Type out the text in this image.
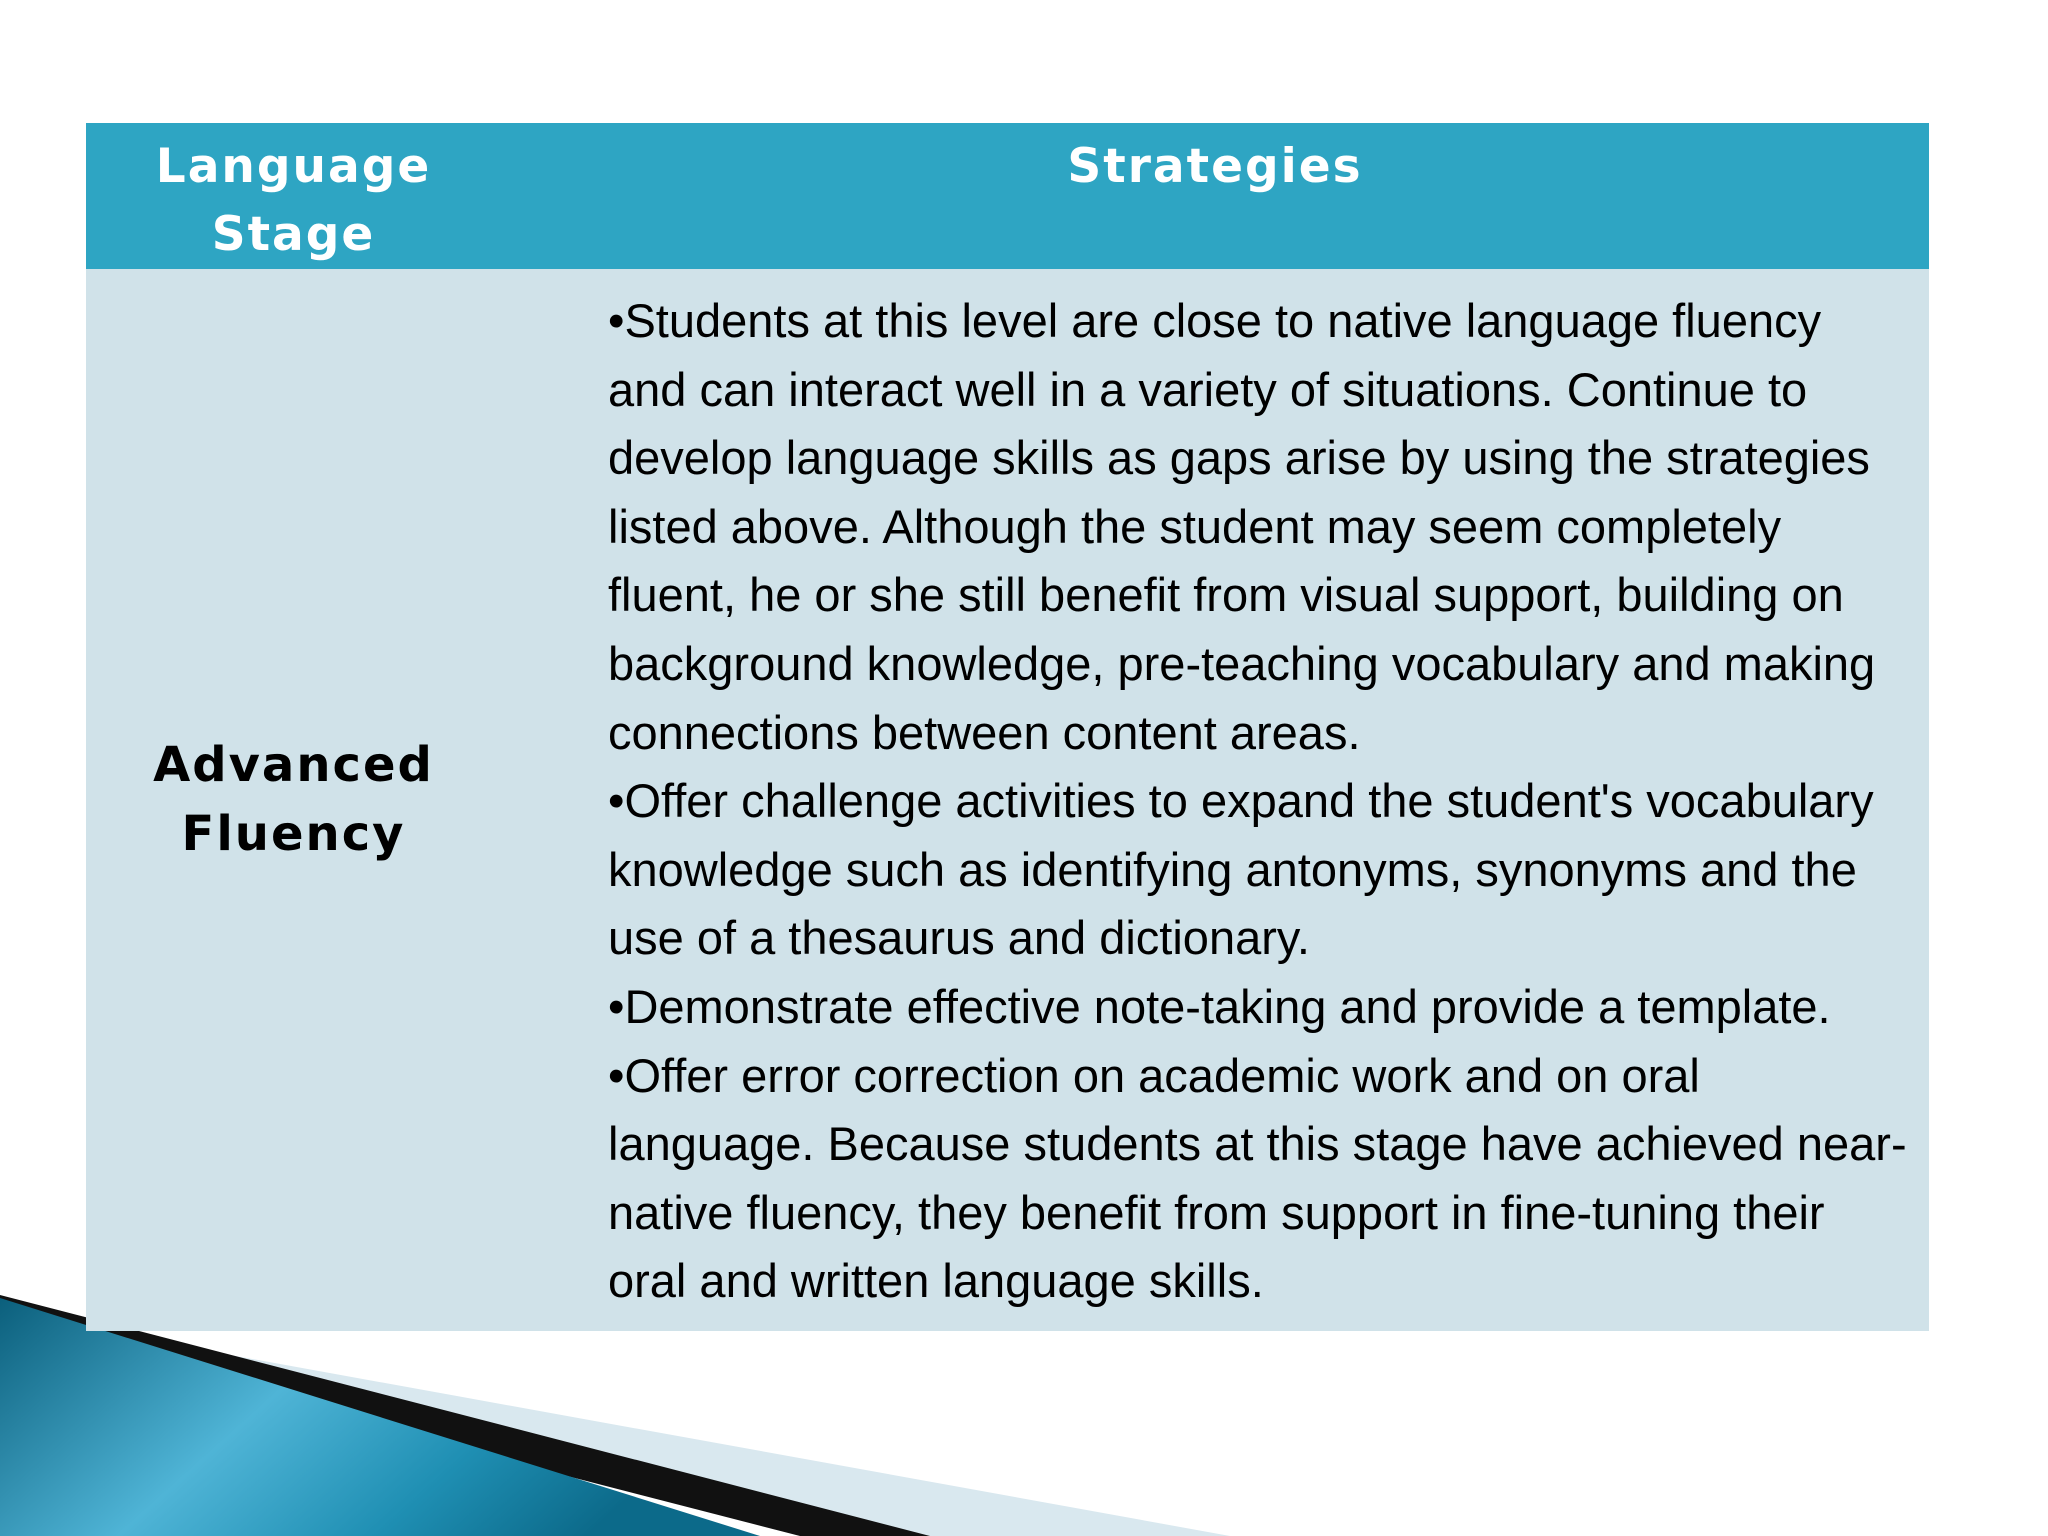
Language Stage	Strategies
Advanced Fluency	•Students at this level are close to native language fluency and can interact well in a variety of situations. Continue to develop language skills as gaps arise by using the strategies listed above. Although the student may seem completely fluent, he or she still benefit from visual support, building on background knowledge, pre-teaching vocabulary and making connections between content areas.

•Offer challenge activities to expand the student's vocabulary knowledge such as identifying antonyms, synonyms and the use of a thesaurus and dictionary.

•Demonstrate effective note-taking and provide a template.

•Offer error correction on academic work and on oral language. Because students at this stage have achieved near-native fluency, they benefit from support in fine-tuning their oral and written language skills.
